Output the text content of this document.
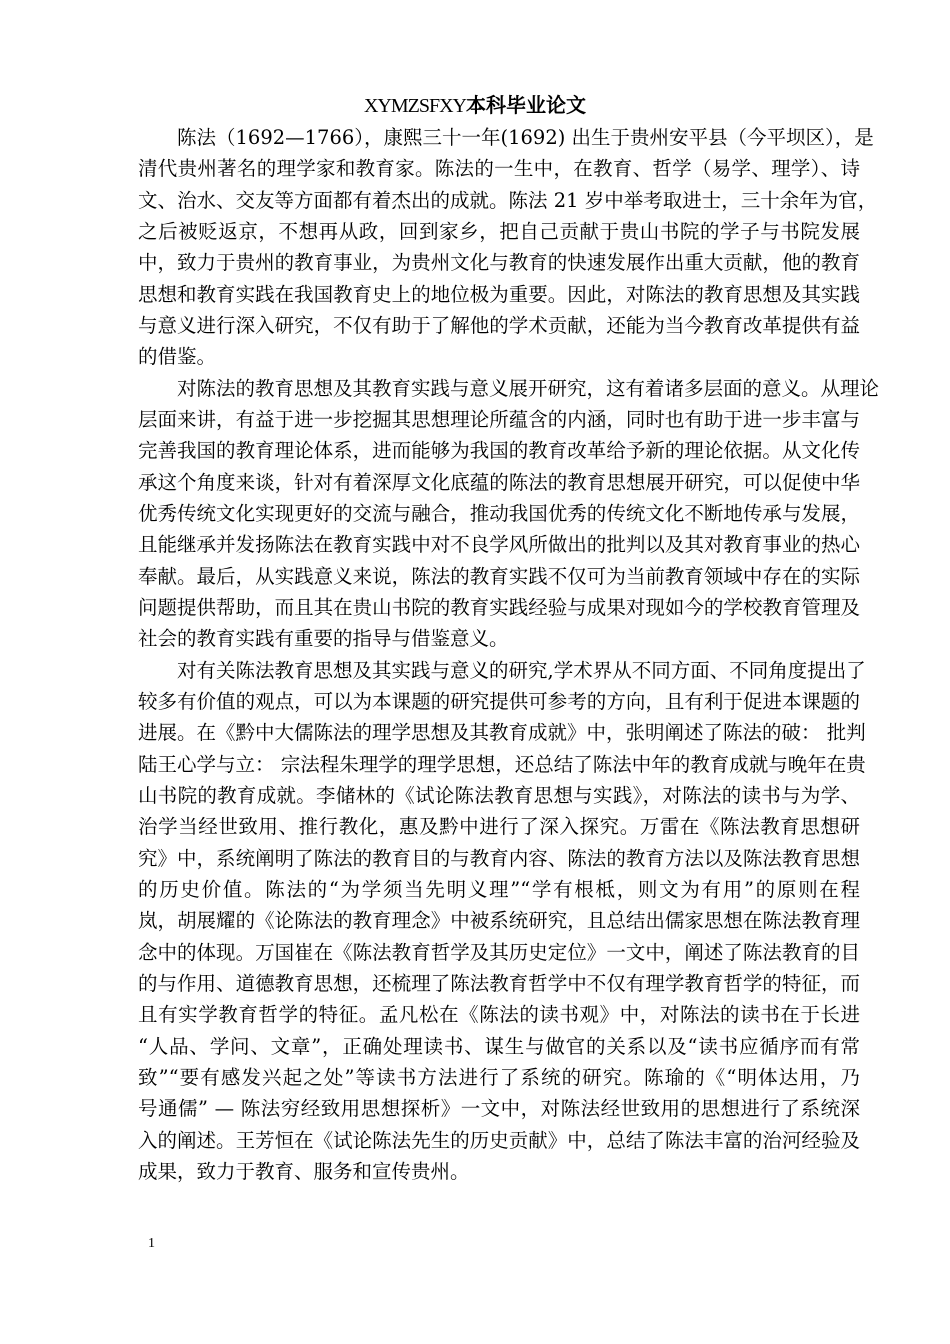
XYMZSFXY本科毕业论文
陈法（1692—1766），康熙三十一年(1692) 出生于贵州安平县（今平坝区），是
清代贵州著名的理学家和教育家。陈法的一生中，在教育、哲学（易学、理学）、诗
文、治水、交友等方面都有着杰出的成就。陈法 21 岁中举考取进士，三十余年为官，
之后被贬返京，不想再从政，回到家乡，把自己贡献于贵山书院的学子与书院发展
中，致力于贵州的教育事业，为贵州文化与教育的快速发展作出重大贡献，他的教育
思想和教育实践在我国教育史上的地位极为重要。因此，对陈法的教育思想及其实践
与意义进行深入研究，不仅有助于了解他的学术贡献，还能为当今教育改革提供有益
的借鉴。
对陈法的教育思想及其教育实践与意义展开研究，这有着诸多层面的意义。从理论
层面来讲，有益于进一步挖掘其思想理论所蕴含的内涵，同时也有助于进一步丰富与
完善我国的教育理论体系，进而能够为我国的教育改革给予新的理论依据。从文化传
承这个角度来谈，针对有着深厚文化底蕴的陈法的教育思想展开研究，可以促使中华
优秀传统文化实现更好的交流与融合，推动我国优秀的传统文化不断地传承与发展，
且能继承并发扬陈法在教育实践中对不良学风所做出的批判以及其对教育事业的热心
奉献。最后，从实践意义来说，陈法的教育实践不仅可为当前教育领域中存在的实际
问题提供帮助，而且其在贵山书院的教育实践经验与成果对现如今的学校教育管理及
社会的教育实践有重要的指导与借鉴意义。
对有关陈法教育思想及其实践与意义的研究,学术界从不同方面、不同角度提出了
较多有价值的观点，可以为本课题的研究提供可参考的方向，且有利于促进本课题的
进展。在《黔中大儒陈法的理学思想及其教育成就》中，张明阐述了陈法的破： 批判
陆王心学与立： 宗法程朱理学的理学思想，还总结了陈法中年的教育成就与晚年在贵
山书院的教育成就。李储林的《试论陈法教育思想与实践》，对陈法的读书与为学、
治学当经世致用、推行教化，惠及黔中进行了深入探究。万雷在《陈法教育思想研
究》中，系统阐明了陈法的教育目的与教育内容、陈法的教育方法以及陈法教育思想
的历史价值。陈法的“为学须当先明义理”“学有根柢，则文为有用”的原则在程
岚，胡展耀的《论陈法的教育理念》中被系统研究，且总结出儒家思想在陈法教育理
念中的体现。万国崔在《陈法教育哲学及其历史定位》一文中，阐述了陈法教育的目
的与作用、道德教育思想，还梳理了陈法教育哲学中不仅有理学教育哲学的特征，而
且有实学教育哲学的特征。孟凡松在《陈法的读书观》中，对陈法的读书在于长进
“人品、学问、文章”，正确处理读书、谋生与做官的关系以及“读书应循序而有常
致”“要有感发兴起之处”等读书方法进行了系统的研究。陈瑜的《“明体达用，乃
号通儒” — 陈法穷经致用思想探析》一文中，对陈法经世致用的思想进行了系统深
入的阐述。王芳恒在《试论陈法先生的历史贡献》中，总结了陈法丰富的治河经验及
成果，致力于教育、服务和宣传贵州。
1
